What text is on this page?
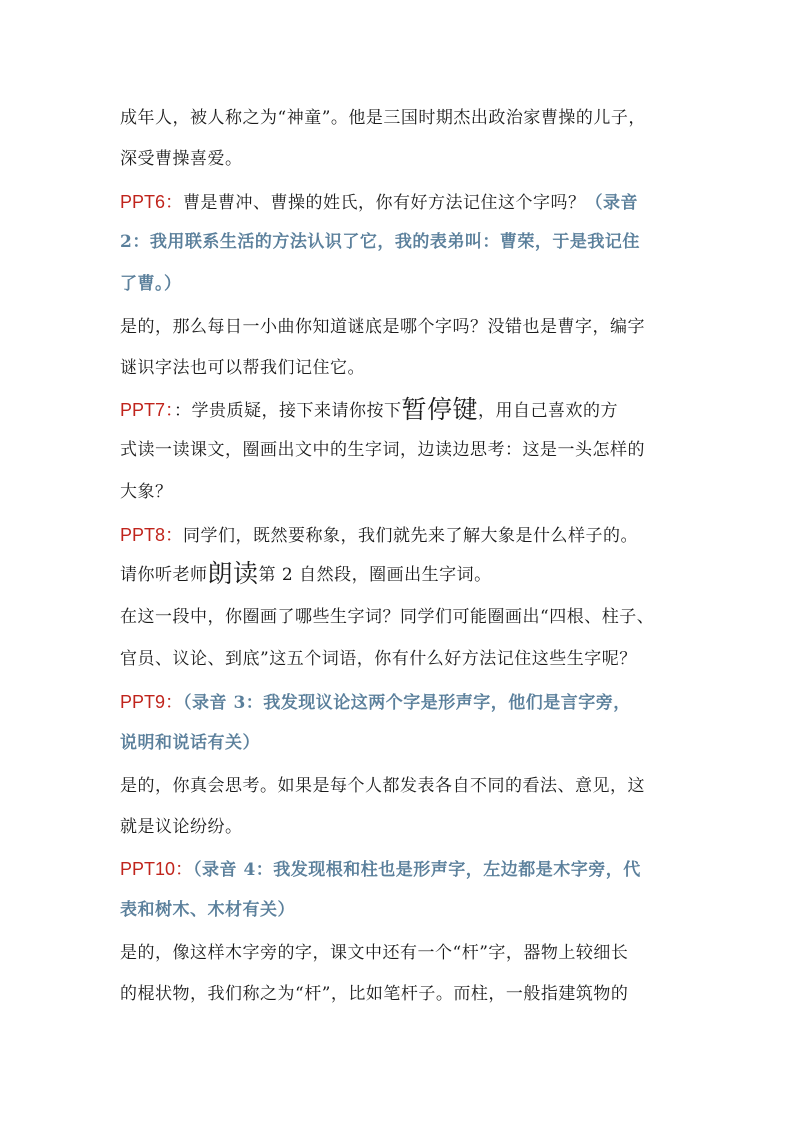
成年人，被人称之为“神童”。他是三国时期杰出政治家曹操的儿子，
深受曹操喜爱。
PPT6：曹是曹冲、曹操的姓氏，你有好方法记住这个字吗？（录音
2：我用联系生活的方法认识了它，我的表弟叫：曹荣，于是我记住
了曹。）
是的，那么每日一小曲你知道谜底是哪个字吗？没错也是曹字，编字
谜识字法也可以帮我们记住它。
PPT7：：学贵质疑，接下来请你按下暂停键，用自己喜欢的方
式读一读课文，圈画出文中的生字词，边读边思考：这是一头怎样的
大象？
PPT8：同学们，既然要称象，我们就先来了解大象是什么样子的。
请你听老师朗读第 2 自然段，圈画出生字词。
在这一段中，你圈画了哪些生字词？同学们可能圈画出“四根、柱子、
官员、议论、到底”这五个词语，你有什么好方法记住这些生字呢？
PPT9：（录音 3：我发现议论这两个字是形声字，他们是言字旁，
说明和说话有关）
是的，你真会思考。如果是每个人都发表各自不同的看法、意见，这
就是议论纷纷。
PPT10：（录音 4：我发现根和柱也是形声字，左边都是木字旁，代
表和树木、木材有关）
是的，像这样木字旁的字，课文中还有一个“杆”字，器物上较细长
的棍状物，我们称之为“杆”，比如笔杆子。而柱，一般指建筑物的
